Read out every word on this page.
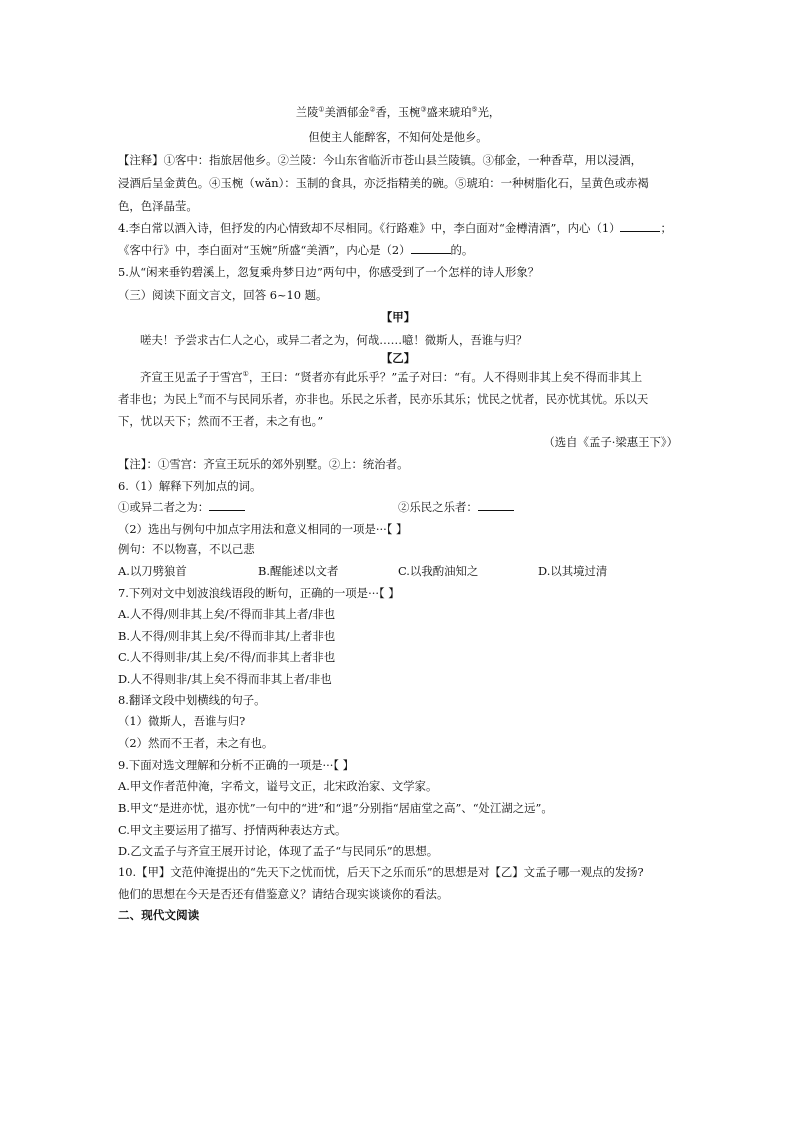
兰陵①美酒郁金②香，玉椀③盛来琥珀⑤光，
但使主人能醉客，不知何处是他乡。
【注释】①客中：指旅居他乡。②兰陵：今山东省临沂市苍山县兰陵镇。③郁金，一种香草，用以浸酒，
浸酒后呈金黄色。④玉椀（wǎn）：玉制的食具，亦泛指精美的碗。⑤琥珀：一种树脂化石，呈黄色或赤褐
色，色泽晶莹。
4.李白常以酒入诗，但抒发的内心情致却不尽相同。《行路难》中，李白面对“金樽清酒”，内心（1）	；
《客中行》中，李白面对“玉婉”所盛“美酒”，内心是（2）	的。
5.从“闲来垂钓碧溪上，忽复乘舟梦日边”两句中，你感受到了一个怎样的诗人形象？
（三）阅读下面文言文，回答 6~10 题。
【甲】
嗟夫！予尝求古仁人之心，或异二者之为，何哉……噫！微斯人，吾谁与归？
【乙】
齐宣王见孟子于雪宫①，王曰：“贤者亦有此乐乎？”孟子对曰：“有。人不得则非其上矣不得而非其上
者非也；为民上②而不与民同乐者，亦非也。乐民之乐者，民亦乐其乐；忧民之忧者，民亦忧其忧。乐以天
下，忧以天下；然而不王者，未之有也。”
（选自《孟子·梁惠王下》）
【注】：①雪宫：齐宣王玩乐的郊外别墅。②上：统治者。
6.（1）解释下列加点的词。
①或异二者之为：	②乐民之乐者：
（2）选出与例句中加点字用法和意义相同的一项是···【 】
例句：不以物喜，不以己悲
A.以刀劈狼首	B.醒能述以文者	C.以我酌油知之	D.以其境过清
7.下列对文中划波浪线语段的断句，正确的一项是···【 】
A.人不得/则非其上矣/不得而非其上者/非也
B.人不得/则非其上矣/不得而非其/上者非也
C.人不得则非/其上矣/不得/而非其上者非也
D.人不得则非/其上矣不得而非其上者/非也
8.翻译文段中划横线的句子。
（1）微斯人，吾谁与归?
（2）然而不王者，未之有也。
9.下面对选文理解和分析不正确的一项是···【 】
A.甲文作者范仲淹，字希文，谥号文正，北宋政治家、文学家。
B.甲文“是进亦忧，退亦忧”一句中的“进”和“退”分别指“居庙堂之高”、“处江湖之远”。
C.甲文主要运用了描写、抒情两种表达方式。
D.乙文孟子与齐宣王展开讨论，体现了孟子“与民同乐”的思想。
10.【甲】文范仲淹提出的“先天下之忧而忧，后天下之乐而乐”的思想是对【乙】文孟子哪一观点的发扬?
他们的思想在今天是否还有借鉴意义？请结合现实谈谈你的看法。
二、现代文阅读
